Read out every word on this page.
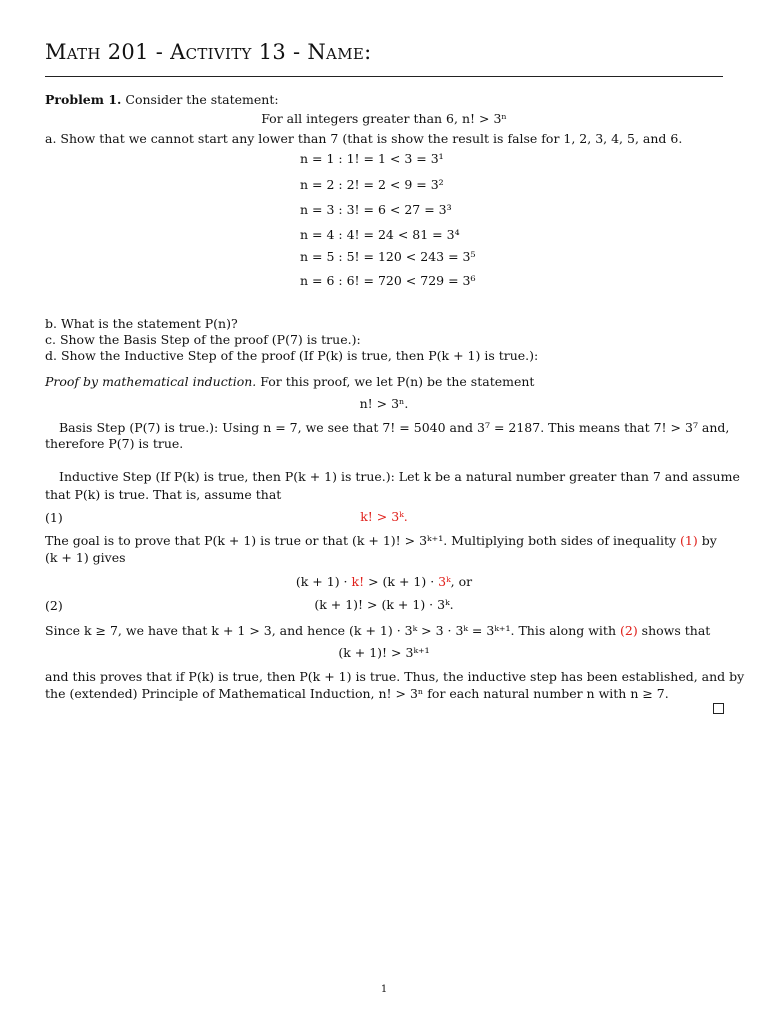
Math 201 - Activity 13 - Name:
Problem 1. Consider the statement:
For all integers greater than 6, n! > 3ⁿ
a. Show that we cannot start any lower than 7 (that is show the result is false for 1, 2, 3, 4, 5, and 6.
n = 1 : 1! = 1 < 3 = 3¹
n = 2 : 2! = 2 < 9 = 3²
n = 3 : 3! = 6 < 27 = 3³
n = 4 : 4! = 24 < 81 = 3⁴
n = 5 : 5! = 120 < 243 = 3⁵
n = 6 : 6! = 720 < 729 = 3⁶
b. What is the statement P(n)?
c. Show the Basis Step of the proof (P(7) is true.):
d. Show the Inductive Step of the proof (If P(k) is true, then P(k + 1) is true.):
Proof by mathematical induction. For this proof, we let P(n) be the statement
n! > 3ⁿ.
Basis Step (P(7) is true.): Using n = 7, we see that 7! = 5040 and 3⁷ = 2187. This means that 7! > 3⁷ and,
therefore P(7) is true.
Inductive Step (If P(k) is true, then P(k + 1) is true.): Let k be a natural number greater than 7 and assume
that P(k) is true. That is, assume that
(1)	k! > 3ᵏ.
The goal is to prove that P(k + 1) is true or that (k + 1)! > 3ᵏ⁺¹. Multiplying both sides of inequality (1) by
(k + 1) gives
(k + 1) · k! > (k + 1) · 3ᵏ, or
(2)	(k + 1)! > (k + 1) · 3ᵏ.
Since k ≥ 7, we have that k + 1 > 3, and hence (k + 1) · 3ᵏ > 3 · 3ᵏ = 3ᵏ⁺¹. This along with (2) shows that
(k + 1)! > 3ᵏ⁺¹
and this proves that if P(k) is true, then P(k + 1) is true. Thus, the inductive step has been established, and by
the (extended) Principle of Mathematical Induction, n! > 3ⁿ for each natural number n with n ≥ 7.
1
